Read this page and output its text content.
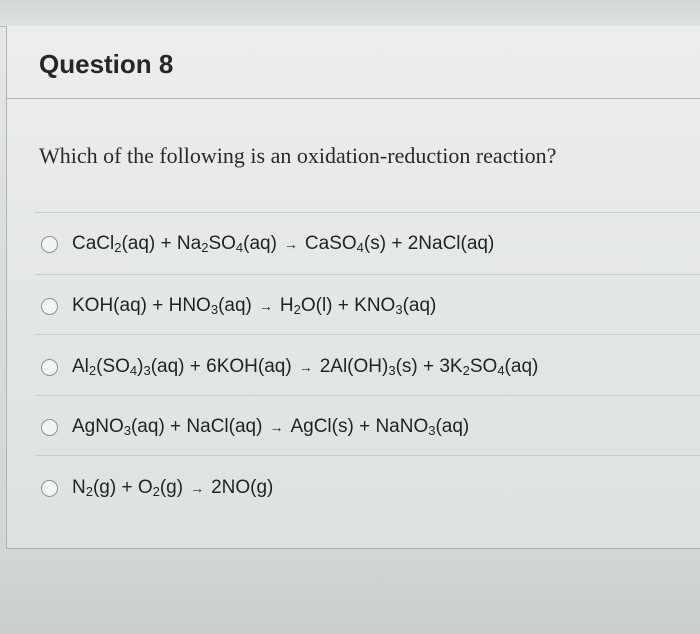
Question 8
Which of the following is an oxidation-reduction reaction?
CaCl$_2$(aq) + $Na_2SO_4(aq)$ → CaSO$_4$(s) + 2NaCl(aq)
$KOH(aq) + HNO_3(aq) \to H_2O(l) + KNO_3(aq)$
$Al_2(SO_4)_3(aq) + 6KOH(aq) \to 2Al(OH)_3(s) + 3K_2SO_4(aq)$
AgNO$_3$(aq) + NaCl(aq) → AgCl(s) + NaNO$_3$(aq)
$N_2(g) + O_2(g) \to 2NO(g)$
